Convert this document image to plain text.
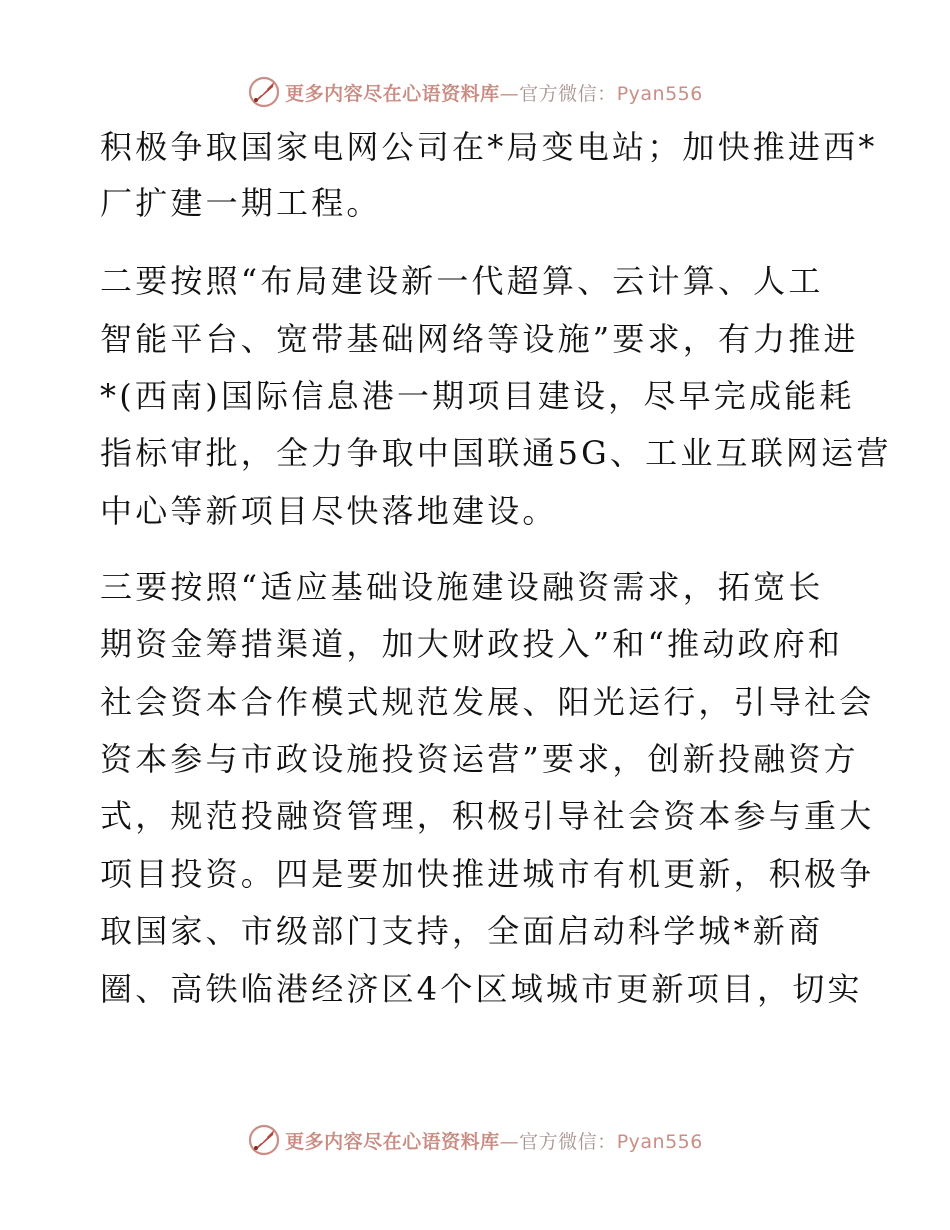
更多内容尽在心语资料库—官方微信：Pyan556
积极争取国家电网公司在*局变电站；加快推进西*
厂扩建一期工程。
二要按照“布局建设新一代超算、云计算、人工
智能平台、宽带基础网络等设施”要求，有力推进
*(西南)国际信息港一期项目建设，尽早完成能耗
指标审批，全力争取中国联通5G、工业互联网运营
中心等新项目尽快落地建设。
三要按照“适应基础设施建设融资需求，拓宽长
期资金筹措渠道，加大财政投入”和“推动政府和
社会资本合作模式规范发展、阳光运行，引导社会
资本参与市政设施投资运营”要求，创新投融资方
式，规范投融资管理，积极引导社会资本参与重大
项目投资。四是要加快推进城市有机更新，积极争
取国家、市级部门支持，全面启动科学城*新商
圈、高铁临港经济区4个区域城市更新项目，切实
更多内容尽在心语资料库—官方微信：Pyan556
